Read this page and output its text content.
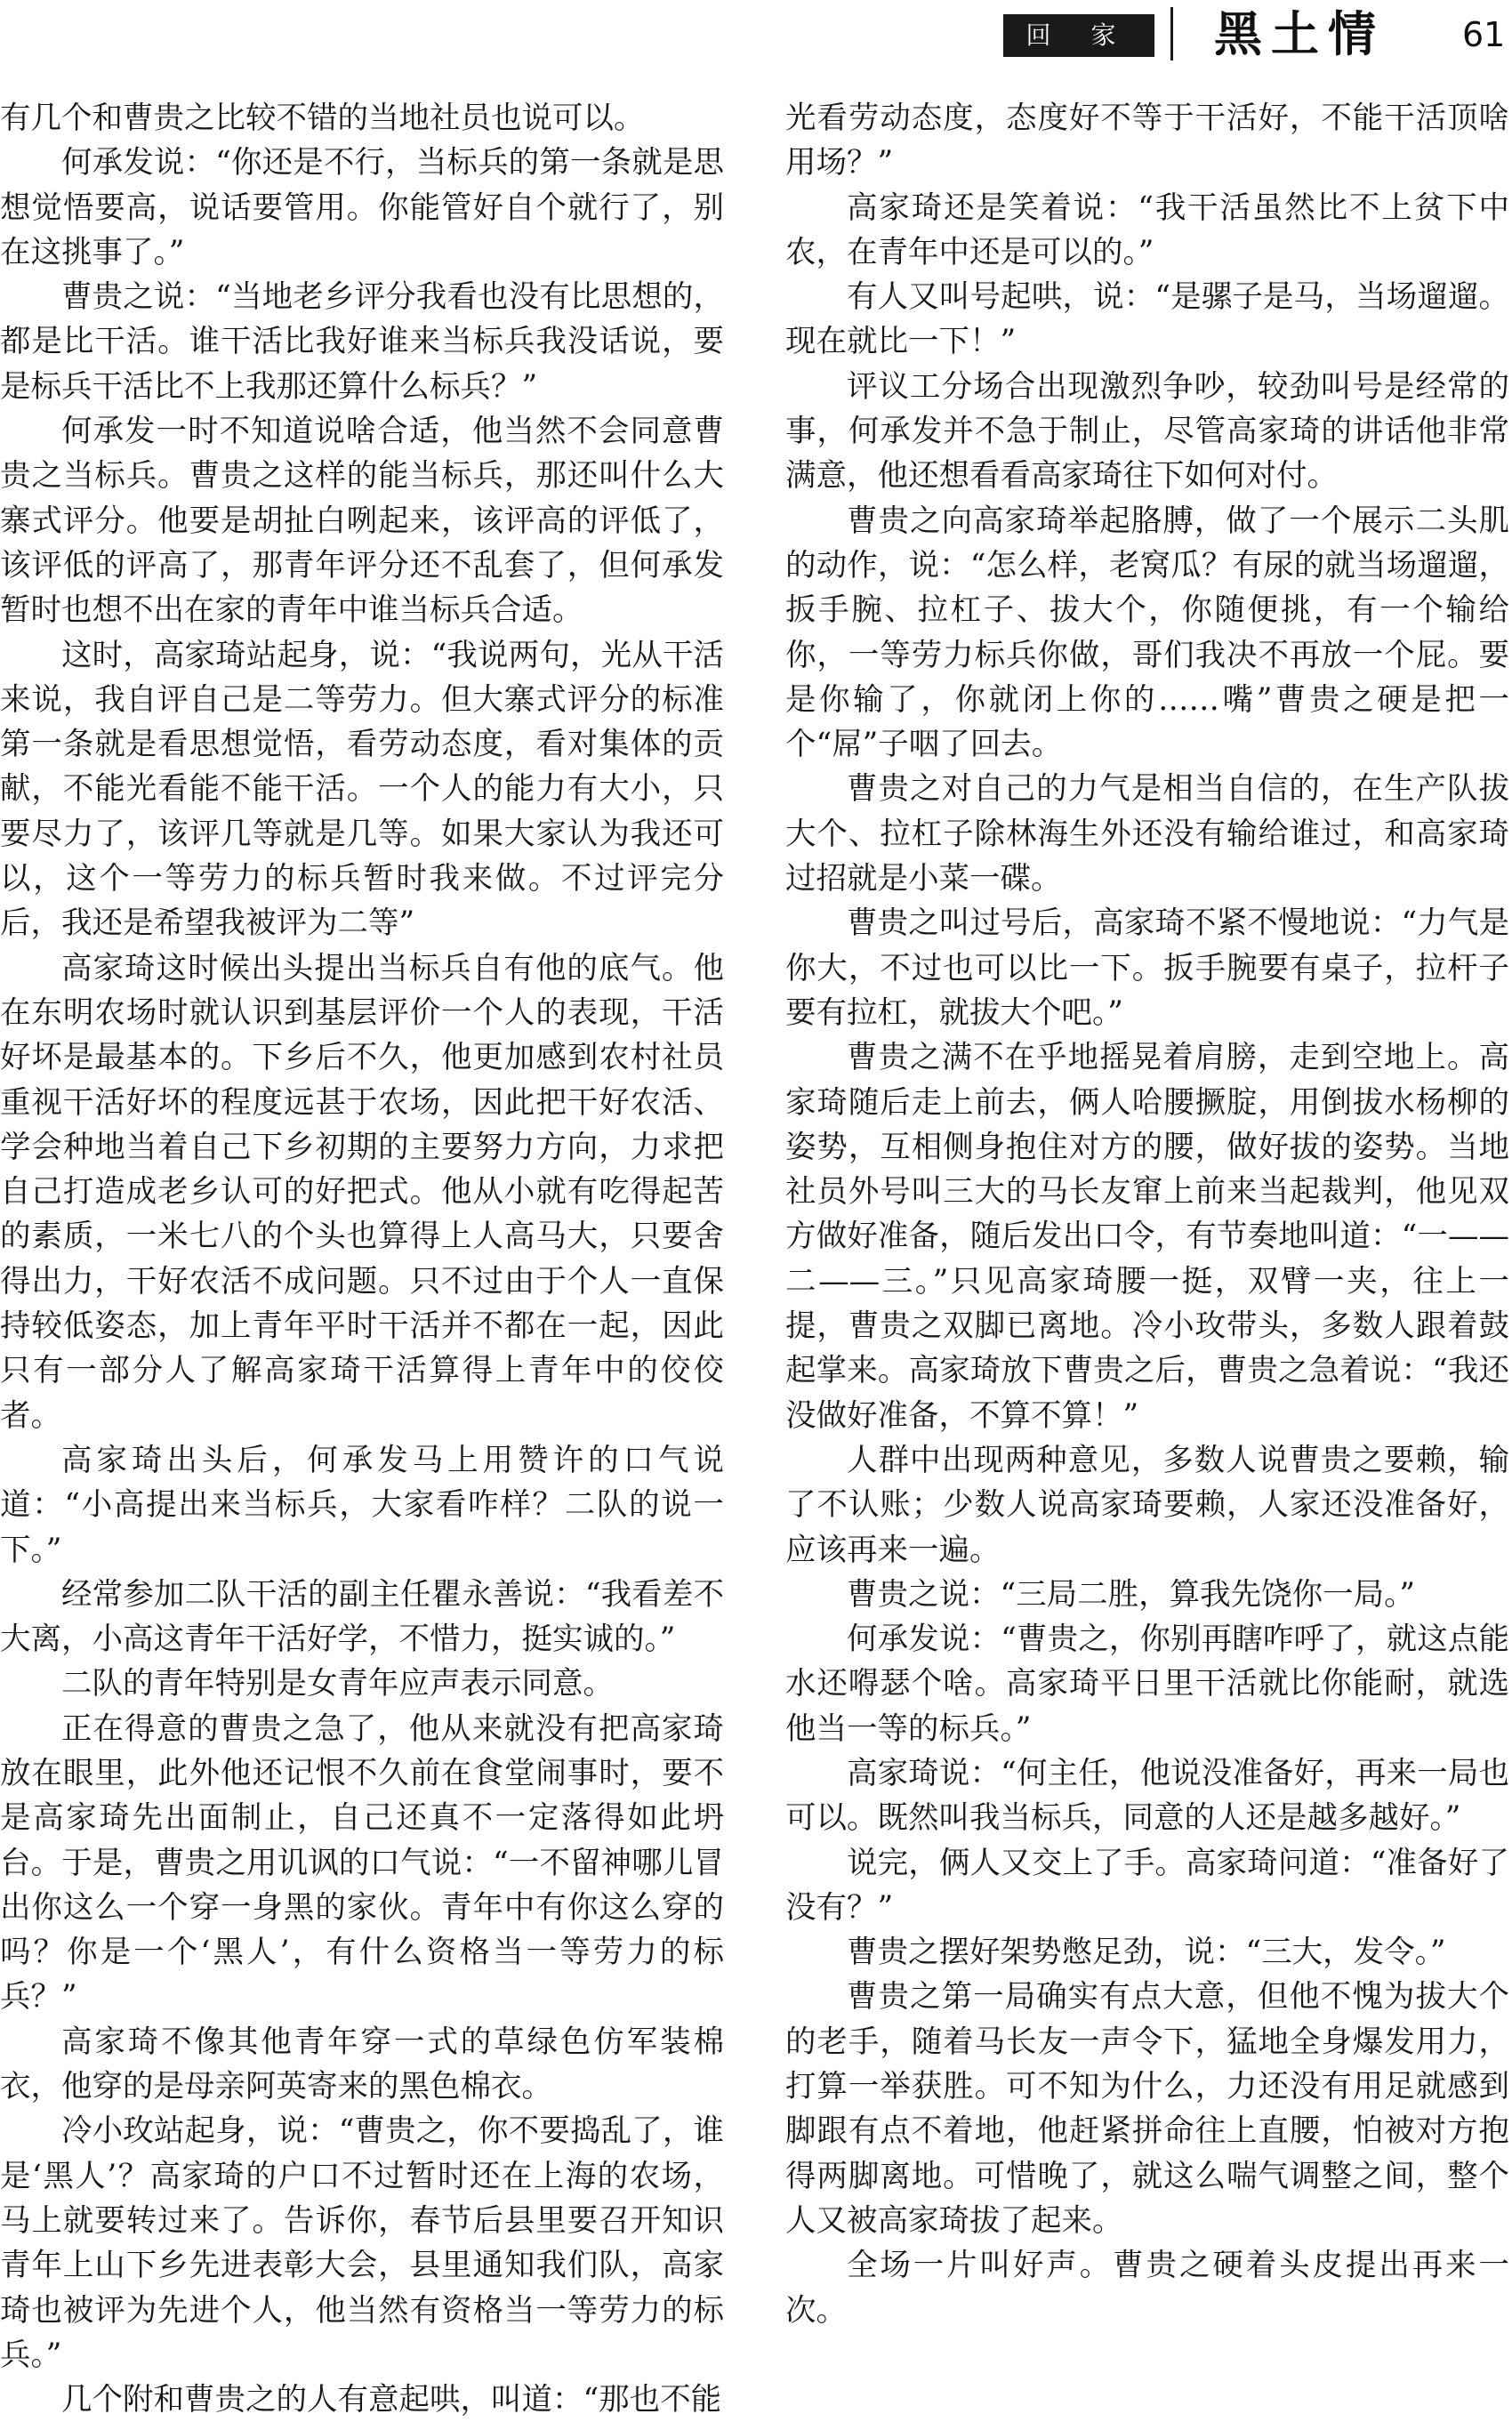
回 家	黑土情 61

有几个和曹贵之比较不错的当地社员也说可以。

何承发说：“你还是不行，当标兵的第一条就是思想觉悟要高，说话要管用。你能管好自个就行了，别在这挑事了。”

曹贵之说：“当地老乡评分我看也没有比思想的，都是比干活。谁干活比我好谁来当标兵我没话说，要是标兵干活比不上我那还算什么标兵？”

何承发一时不知道说啥合适，他当然不会同意曹贵之当标兵。曹贵之这样的能当标兵，那还叫什么大寨式评分。他要是胡扯白咧起来，该评高的评低了，该评低的评高了，那青年评分还不乱套了，但何承发暂时也想不出在家的青年中谁当标兵合适。

这时，高家琦站起身，说：“我说两句，光从干活来说，我自评自己是二等劳力。但大寨式评分的标准第一条就是看思想觉悟，看劳动态度，看对集体的贡献，不能光看能不能干活。一个人的能力有大小，只要尽力了，该评几等就是几等。如果大家认为我还可以，这个一等劳力的标兵暂时我来做。不过评完分后，我还是希望我被评为二等”

高家琦这时候出头提出当标兵自有他的底气。他在东明农场时就认识到基层评价一个人的表现，干活好坏是最基本的。下乡后不久，他更加感到农村社员重视干活好坏的程度远甚于农场，因此把干好农活、学会种地当着自己下乡初期的主要努力方向，力求把自己打造成老乡认可的好把式。他从小就有吃得起苦的素质，一米七八的个头也算得上人高马大，只要舍得出力，干好农活不成问题。只不过由于个人一直保持较低姿态，加上青年平时干活并不都在一起，因此只有一部分人了解高家琦干活算得上青年中的佼佼者。

高家琦出头后，何承发马上用赞许的口气说道：“小高提出来当标兵，大家看咋样？二队的说一下。”

经常参加二队干活的副主任瞿永善说：“我看差不大离，小高这青年干活好学，不惜力，挺实诚的。”

二队的青年特别是女青年应声表示同意。

正在得意的曹贵之急了，他从来就没有把高家琦放在眼里，此外他还记恨不久前在食堂闹事时，要不是高家琦先出面制止，自己还真不一定落得如此坍台。于是，曹贵之用讥讽的口气说：“一不留神哪儿冒出你这么一个穿一身黑的家伙。青年中有你这么穿的吗？你是一个‘黑人’，有什么资格当一等劳力的标兵？”

高家琦不像其他青年穿一式的草绿色仿军装棉衣，他穿的是母亲阿英寄来的黑色棉衣。

冷小玫站起身，说：“曹贵之，你不要捣乱了，谁是‘黑人’？高家琦的户口不过暂时还在上海的农场，马上就要转过来了。告诉你，春节后县里要召开知识青年上山下乡先进表彰大会，县里通知我们队，高家琦也被评为先进个人，他当然有资格当一等劳力的标兵。”

几个附和曹贵之的人有意起哄，叫道：“那也不能

光看劳动态度，态度好不等于干活好，不能干活顶啥用场？”

高家琦还是笑着说：“我干活虽然比不上贫下中农，在青年中还是可以的。”

有人又叫号起哄，说：“是骡子是马，当场遛遛。现在就比一下！”

评议工分场合出现激烈争吵，较劲叫号是经常的事，何承发并不急于制止，尽管高家琦的讲话他非常满意，他还想看看高家琦往下如何对付。

曹贵之向高家琦举起胳膊，做了一个展示二头肌的动作，说：“怎么样，老窝瓜？有尿的就当场遛遛，扳手腕、拉杠子、拔大个，你随便挑，有一个输给你，一等劳力标兵你做，哥们我决不再放一个屁。要是你输了，你就闭上你的……嘴”曹贵之硬是把一个“屌”子咽了回去。

曹贵之对自己的力气是相当自信的，在生产队拔大个、拉杠子除林海生外还没有输给谁过，和高家琦过招就是小菜一碟。

曹贵之叫过号后，高家琦不紧不慢地说：“力气是你大，不过也可以比一下。扳手腕要有桌子，拉杆子要有拉杠，就拔大个吧。”

曹贵之满不在乎地摇晃着肩膀，走到空地上。高家琦随后走上前去，俩人哈腰撅腚，用倒拔水杨柳的姿势，互相侧身抱住对方的腰，做好拔的姿势。当地社员外号叫三大的马长友窜上前来当起裁判，他见双方做好准备，随后发出口令，有节奏地叫道：“一——二——三。”只见高家琦腰一挺，双臂一夹，往上一提，曹贵之双脚已离地。冷小玫带头，多数人跟着鼓起掌来。高家琦放下曹贵之后，曹贵之急着说：“我还没做好准备，不算不算！”

人群中出现两种意见，多数人说曹贵之要赖，输了不认账；少数人说高家琦要赖，人家还没准备好，应该再来一遍。

曹贵之说：“三局二胜，算我先饶你一局。”

何承发说：“曹贵之，你别再瞎咋呼了，就这点能水还嘚瑟个啥。高家琦平日里干活就比你能耐，就选他当一等的标兵。”

高家琦说：“何主任，他说没准备好，再来一局也可以。既然叫我当标兵，同意的人还是越多越好。”

说完，俩人又交上了手。高家琦问道：“准备好了没有？”

曹贵之摆好架势憋足劲，说：“三大，发令。”

曹贵之第一局确实有点大意，但他不愧为拔大个的老手，随着马长友一声令下，猛地全身爆发用力，打算一举获胜。可不知为什么，力还没有用足就感到脚跟有点不着地，他赶紧拼命往上直腰，怕被对方抱得两脚离地。可惜晚了，就这么喘气调整之间，整个人又被高家琦拔了起来。

全场一片叫好声。曹贵之硬着头皮提出再来一次。
